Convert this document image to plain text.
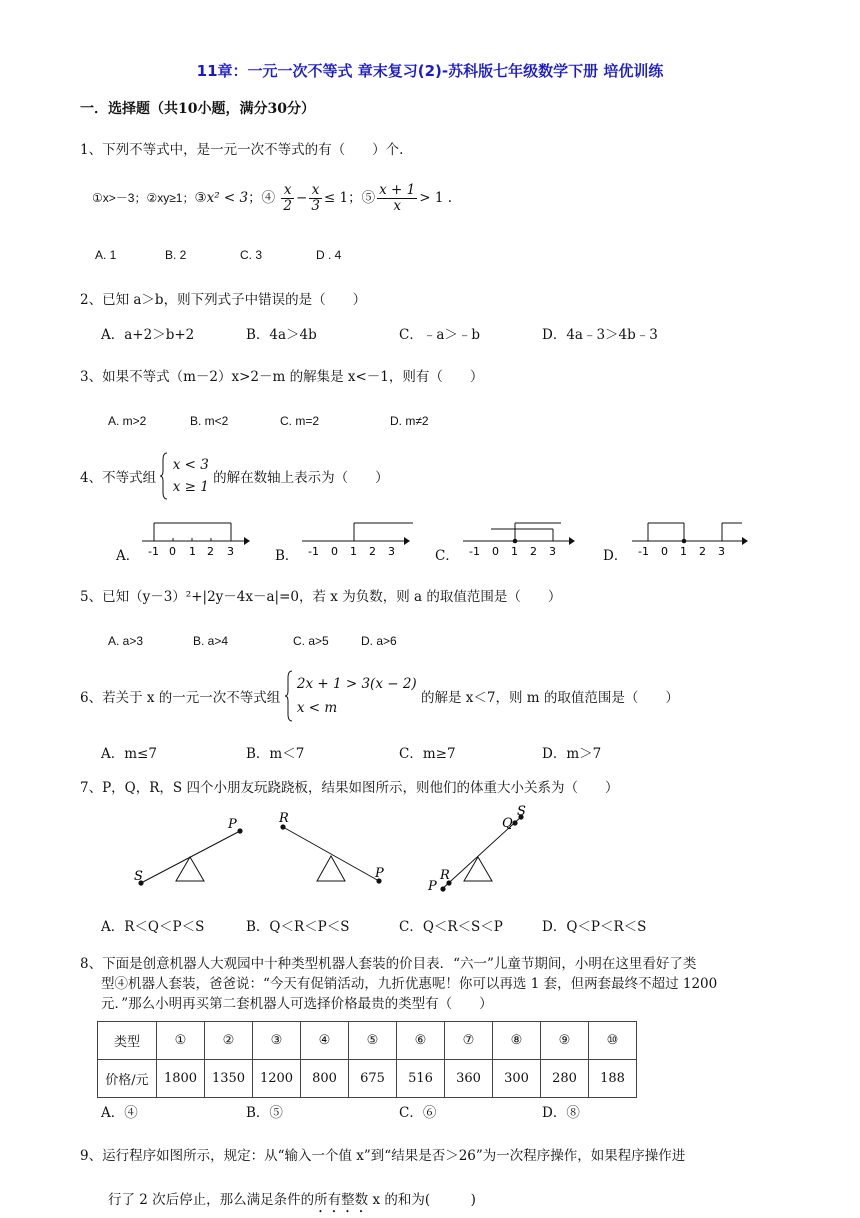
11章：一元一次不等式 章末复习(2)-苏科版七年级数学下册 培优训练
一．选择题（共10小题，满分30分）
1、下列不等式中，是一元一次不等式的有（　　）个.
①x>－3；②xy≥1；③x² < 3；④ $\frac{x}{2} - \frac{x}{3} \le 1$；⑤ $\frac{x + 1}{x} > 1$ .
A. 1	B. 2	C. 3	D . 4
2、已知 a＞b，则下列式子中错误的是（　　）
A．a+2＞b+2	B．4a＞4b	C．﹣a＞﹣b	D．4a﹣3＞4b﹣3
3、如果不等式（m－2）x>2－m 的解集是 x<－1，则有（　　）
A. m>2	B. m<2	C. m=2	D. m≠2
4、不等式组  x < 3
x ≥ 1 的解在数轴上表示为（　　）
A．	B．	C．	D．
-1 0 1 2 3	-1 0 1 2 3	-1 0 1 2 3	-1 0 1 2 3
5、已知（y－3）²+|2y－4x－a|=0，若 x 为负数，则 a 的取值范围是（　　）
A. a>3	B. a>4	C. a>5	D. a>6
6、若关于 x 的一元一次不等式组  2x + 1 > 3(x − 2)
x < m 的解是 x＜7，则 m 的取值范围是（　　）
A．m≤7	B．m＜7	C．m≥7	D．m＞7
7、P，Q，R，S 四个小朋友玩跷跷板，结果如图所示，则他们的体重大小关系为（　　）
S
P	R
P
Q
S
R
P
A．R＜Q＜P＜S	B．Q＜R＜P＜S	C．Q＜R＜S＜P	D．Q＜P＜R＜S
8、下面是创意机器人大观园中十种类型机器人套装的价目表．“六一”儿童节期间，小明在这里看好了类
型④机器人套装，爸爸说：“今天有促销活动，九折优惠呢！你可以再选 1 套，但两套最终不超过 1200
元．”那么小明再买第二套机器人可选择价格最贵的类型有（　　）
类型	①	②	③	④	⑤	⑥	⑦	⑧	⑨	⑩
价格/元	1800	1350	1200	800	675	516	360	300	280	188
A．④	B．⑤	C．⑥	D．⑧
9、运行程序如图所示，规定：从“输入一个值 x”到“结果是否＞26”为一次程序操作，如果程序操作进
行了 2 次后停止，那么满足条件的所有整数 x 的和为(　　　)
